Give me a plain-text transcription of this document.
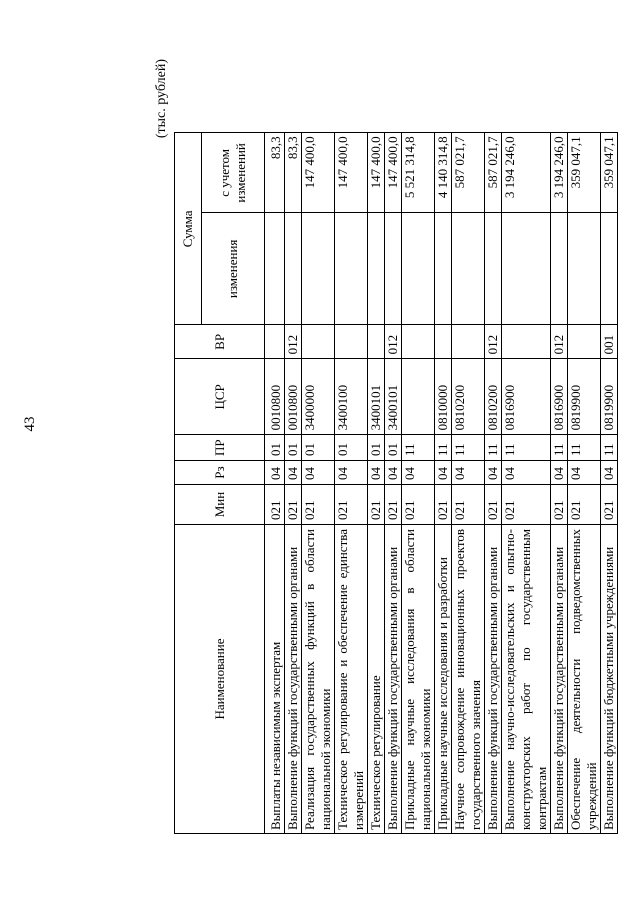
43
(тыс. рублей)
Наименование	Мин	Рз	ПР	ЦСР	ВР	Сумма	
						изменения	с учетом изменений
Выплаты независимым экспертам	021	04	01	0010800			83,3
Выполнение функций государственными органами	021	04	01	0010800	012		83,3
Реализация государственных функций в области национальной экономики	021	04	01	3400000			147 400,0
Техническое регулирование и обеспечение единства измерений	021	04	01	3400100			147 400,0
Техническое регулирование	021	04	01	3400101			147 400,0
Выполнение функций государственными органами	021	04	01	3400101	012		147 400,0
Прикладные научные исследования в области национальной экономики	021	04	11				5 521 314,8
Прикладные научные исследования и разработки	021	04	11	0810000			4 140 314,8
Научное сопровождение инновационных проектов государственного значения	021	04	11	0810200			587 021,7
Выполнение функций государственными органами	021	04	11	0810200	012		587 021,7
Выполнение научно-исследовательских и опытно-конструкторских работ по государственным контрактам	021	04	11	0816900			3 194 246,0
Выполнение функций государственными органами	021	04	11	0816900	012		3 194 246,0
Обеспечение деятельности подведомственных учреждений	021	04	11	0819900			359 047,1
Выполнение функций бюджетными учреждениями	021	04	11	0819900	001		359 047,1
